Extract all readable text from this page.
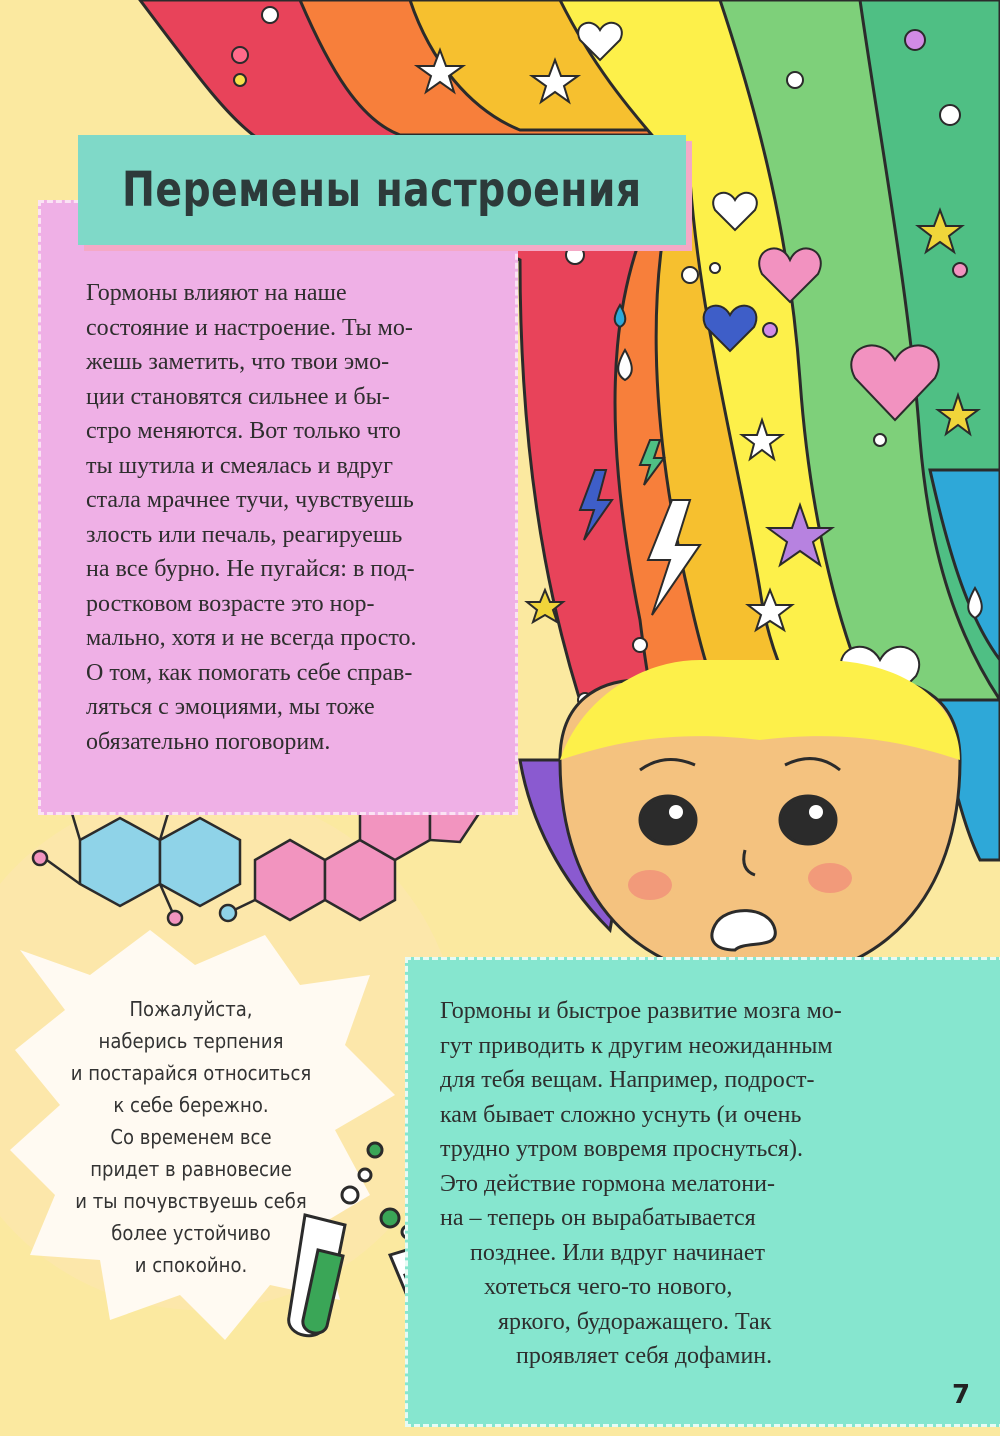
Перемены настроения
Гормоны влияют на наше
состояние и настроение. Ты мо-
жешь заметить, что твои эмо-
ции становятся сильнее и бы-
стро меняются. Вот только что
ты шутила и смеялась и вдруг
стала мрачнее тучи, чувствуешь
злость или печаль, реагируешь
на все бурно. Не пугайся: в под-
ростковом возрасте это нор-
мально, хотя и не всегда просто.
О том, как помогать себе справ-
ляться с эмоциями, мы тоже
обязательно поговорим.
Пожалуйста,
наберись терпения
и постарайся относиться
к себе бережно.
Со временем все
придет в равновесие
и ты почувствуешь себя
более устойчиво
и спокойно.
Гормоны и быстрое развитие мозга мо-
гут приводить к другим неожиданным
для тебя вещам. Например, подрост-
кам бывает сложно уснуть (и очень
трудно утром вовремя проснуться).
Это действие гормона мелатони-
на – теперь он вырабатывается
позднее. Или вдруг начинает
хотеться чего-то нового,
яркого, будоражащего. Так
проявляет себя дофамин.
7
